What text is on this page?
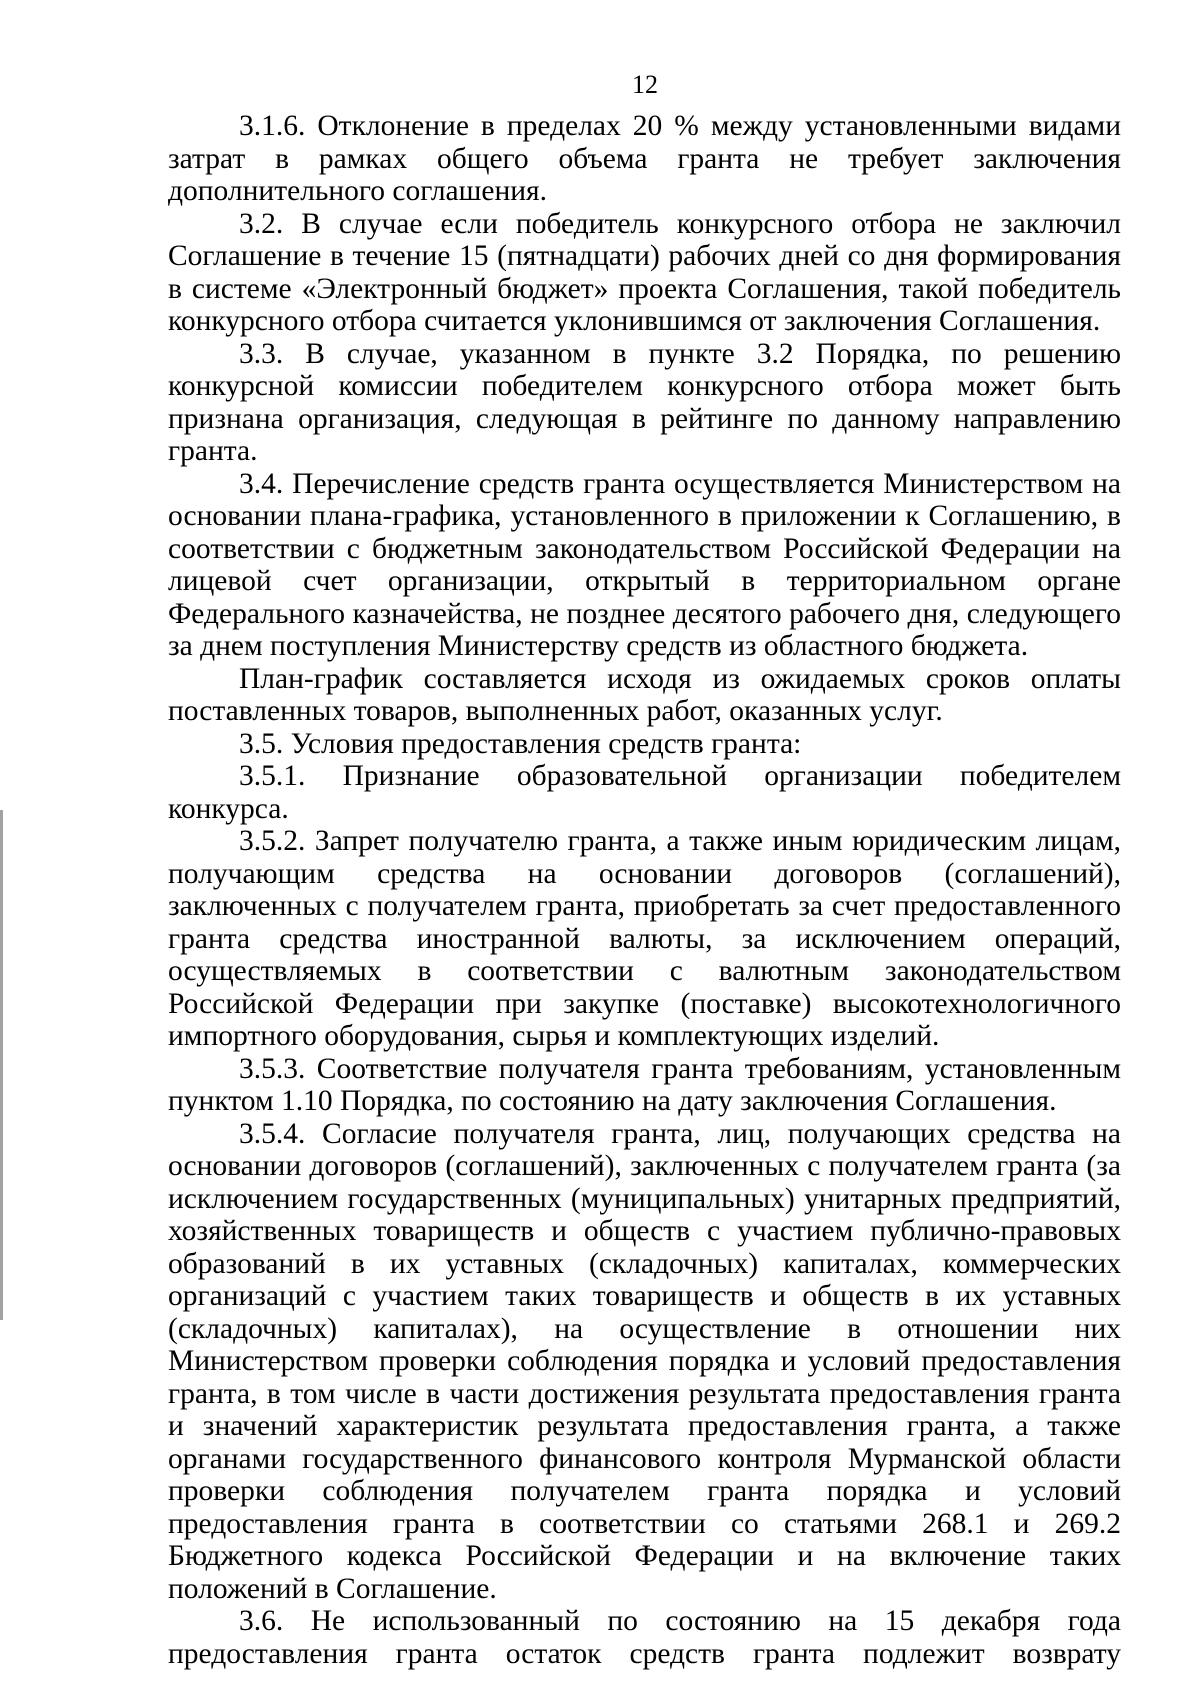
12

3.1.6. Отклонение в пределах 20 % между установленными видами затрат в рамках общего объема гранта не требует заключения дополнительного соглашения.

3.2. В случае если победитель конкурсного отбора не заключил Соглашение в течение 15 (пятнадцати) рабочих дней со дня формирования в системе «Электронный бюджет» проекта Соглашения, такой победитель конкурсного отбора считается уклонившимся от заключения Соглашения.

3.3. В случае, указанном в пункте 3.2 Порядка, по решению конкурсной комиссии победителем конкурсного отбора может быть признана организация, следующая в рейтинге по данному направлению гранта.

3.4. Перечисление средств гранта осуществляется Министерством на основании плана-графика, установленного в приложении к Соглашению, в соответствии с бюджетным законодательством Российской Федерации на лицевой счет организации, открытый в территориальном органе Федерального казначейства, не позднее десятого рабочего дня, следующего за днем поступления Министерству средств из областного бюджета.

План-график составляется исходя из ожидаемых сроков оплаты поставленных товаров, выполненных работ, оказанных услуг.

3.5. Условия предоставления средств гранта:

3.5.1. Признание образовательной организации победителем конкурса.

3.5.2. Запрет получателю гранта, а также иным юридическим лицам, получающим средства на основании договоров (соглашений), заключенных с получателем гранта, приобретать за счет предоставленного гранта средства иностранной валюты, за исключением операций, осуществляемых в соответствии с валютным законодательством Российской Федерации при закупке (поставке) высокотехнологичного импортного оборудования, сырья и комплектующих изделий.

3.5.3. Соответствие получателя гранта требованиям, установленным пунктом 1.10 Порядка, по состоянию на дату заключения Соглашения.

3.5.4. Согласие получателя гранта, лиц, получающих средства на основании договоров (соглашений), заключенных с получателем гранта (за исключением государственных (муниципальных) унитарных предприятий, хозяйственных товариществ и обществ с участием публично-правовых образований в их уставных (складочных) капиталах, коммерческих организаций с участием таких товариществ и обществ в их уставных (складочных) капиталах), на осуществление в отношении них Министерством проверки соблюдения порядка и условий предоставления гранта, в том числе в части достижения результата предоставления гранта и значений характеристик результата предоставления гранта, а также органами государственного финансового контроля Мурманской области проверки соблюдения получателем гранта порядка и условий предоставления гранта в соответствии со статьями 268.1 и 269.2 Бюджетного кодекса Российской Федерации и на включение таких положений в Соглашение.

3.6. Не использованный по состоянию на 15 декабря года предоставления гранта остаток средств гранта подлежит возврату
